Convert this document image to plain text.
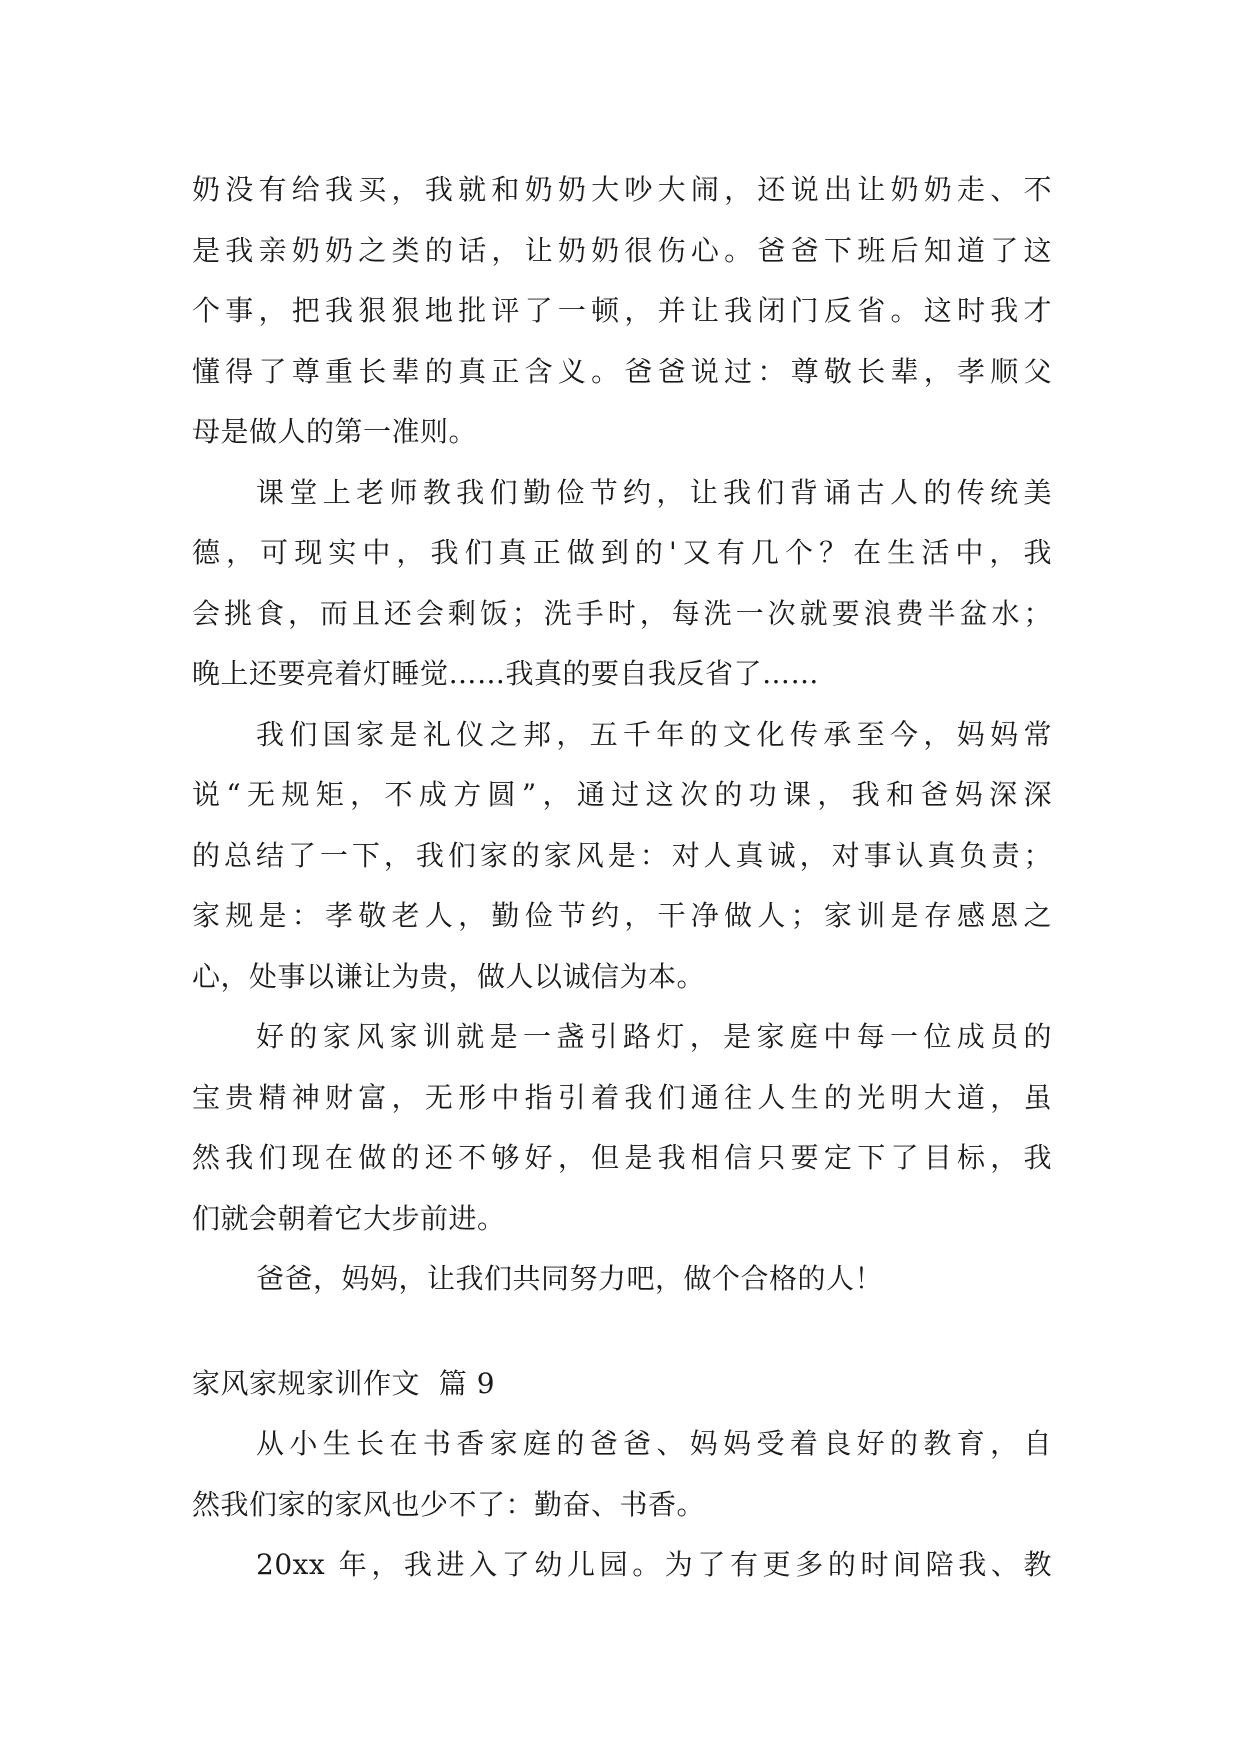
奶没有给我买，我就和奶奶大吵大闹，还说出让奶奶走、不
是我亲奶奶之类的话，让奶奶很伤心。爸爸下班后知道了这
个事，把我狠狠地批评了一顿，并让我闭门反省。这时我才
懂得了尊重长辈的真正含义。爸爸说过：尊敬长辈，孝顺父
母是做人的第一准则。
课堂上老师教我们勤俭节约，让我们背诵古人的传统美
德，可现实中，我们真正做到的'又有几个？在生活中，我
会挑食，而且还会剩饭；洗手时，每洗一次就要浪费半盆水；
晚上还要亮着灯睡觉……我真的要自我反省了……
我们国家是礼仪之邦，五千年的文化传承至今，妈妈常
说“无规矩，不成方圆”，通过这次的功课，我和爸妈深深
的总结了一下，我们家的家风是：对人真诚，对事认真负责；
家规是：孝敬老人，勤俭节约，干净做人；家训是存感恩之
心，处事以谦让为贵，做人以诚信为本。
好的家风家训就是一盏引路灯，是家庭中每一位成员的
宝贵精神财富，无形中指引着我们通往人生的光明大道，虽
然我们现在做的还不够好，但是我相信只要定下了目标，我
们就会朝着它大步前进。
爸爸，妈妈，让我们共同努力吧，做个合格的人！
家风家规家训作文  篇 9
从小生长在书香家庭的爸爸、妈妈受着良好的教育，自
然我们家的家风也少不了：勤奋、书香。
20xx 年，我进入了幼儿园。为了有更多的时间陪我、教
